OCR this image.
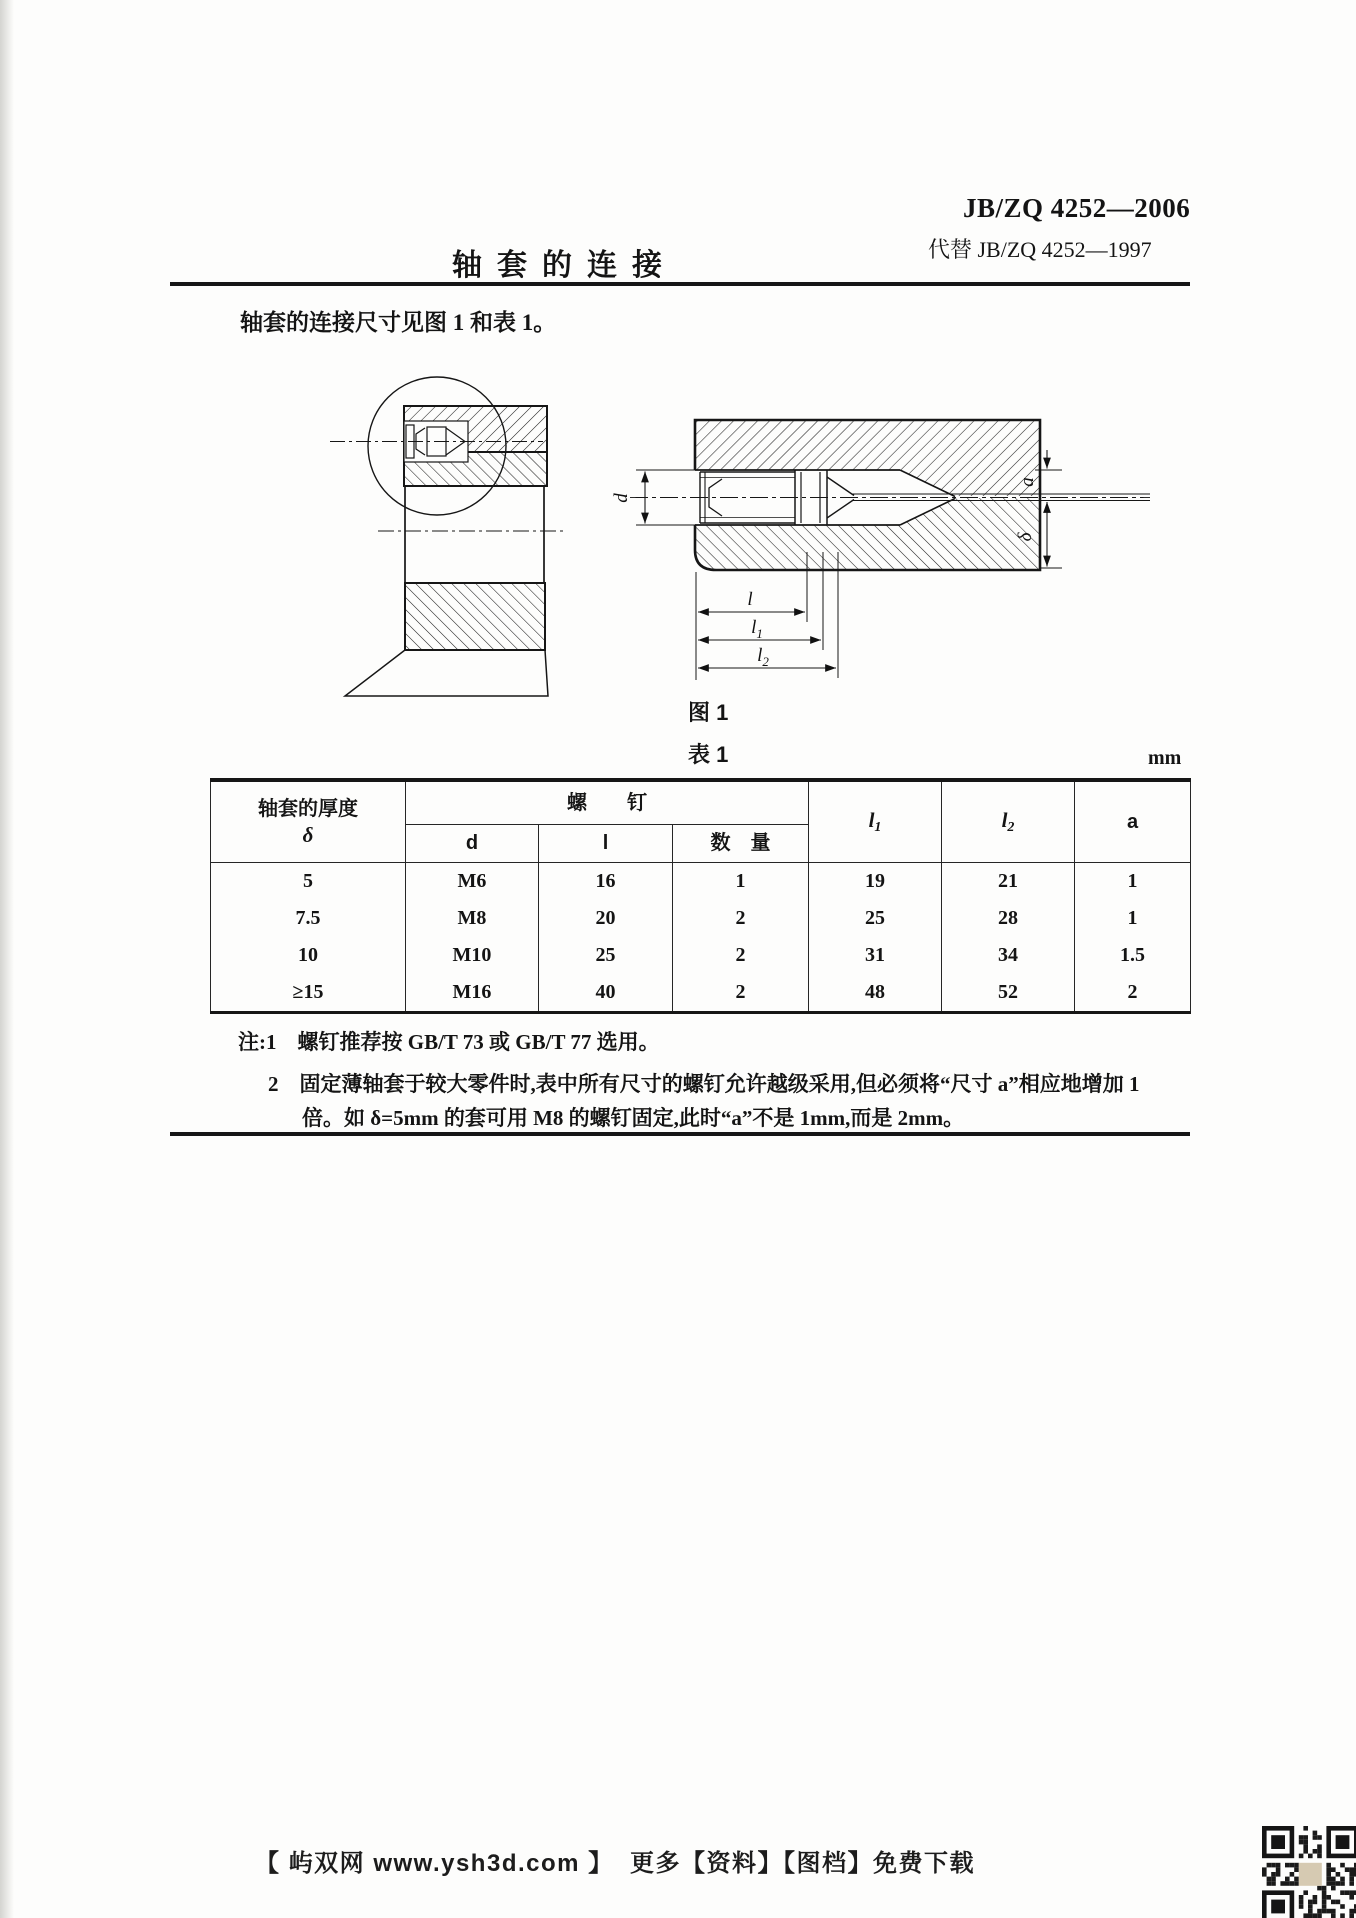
JB/ZQ 4252—2006
代替 JB/ZQ 4252—1997
轴套的连接

轴套的连接尺寸见图 1 和表 1。

d
a
δ
l
$l_1$
$l_2$
图 1
表 1	mm
轴套的厚度
δ	螺　　钉			$l_1$	$l_2$	a
	d	l	数　量			
5	M6	16	1	19	21	1
7.5	M8	20	2	25	28	1
10	M10	25	2	31	34	1.5
≥15	M16	40	2	48	52	2

注:1　螺钉推荐按 GB/T 73 或 GB/T 77 选用。

2　固定薄轴套于较大零件时,表中所有尺寸的螺钉允许越级采用,但必须将“尺寸 a”相应地增加 1

倍。如 δ=5mm 的套可用 M8 的螺钉固定,此时“a”不是 1mm,而是 2mm。

【 屿双网 www.ysh3d.com 】  更多【资料】【图档】免费下载
